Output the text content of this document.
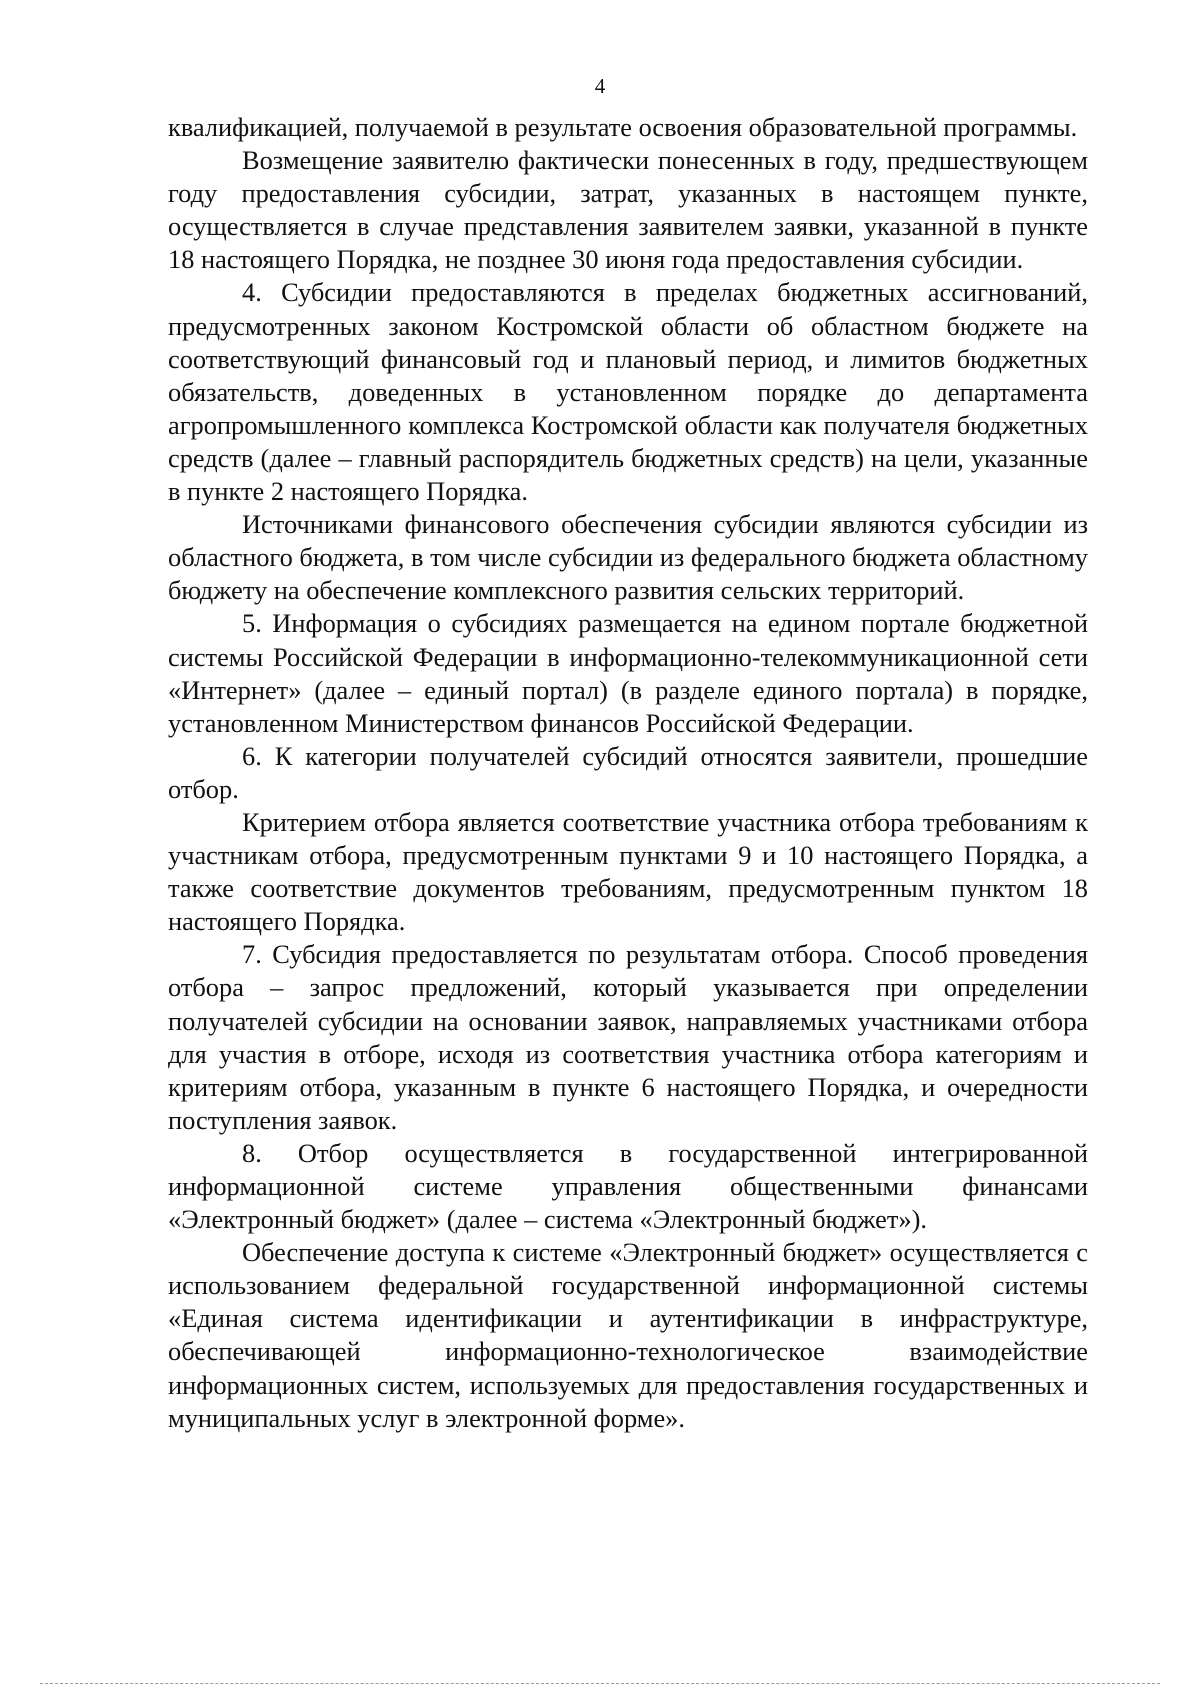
4

квалификацией, получаемой в результате освоения образовательной программы.

Возмещение заявителю фактически понесенных в году, предшествующем году предоставления субсидии, затрат, указанных в настоящем пункте, осуществляется в случае представления заявителем заявки, указанной в пункте 18 настоящего Порядка, не позднее 30 июня года предоставления субсидии.

4. Субсидии предоставляются в пределах бюджетных ассигнований, предусмотренных законом Костромской области об областном бюджете на соответствующий финансовый год и плановый период, и лимитов бюджетных обязательств, доведенных в установленном порядке до департамента агропромышленного комплекса Костромской области как получателя бюджетных средств (далее – главный распорядитель бюджетных средств) на цели, указанные в пункте 2 настоящего Порядка.

Источниками финансового обеспечения субсидии являются субсидии из областного бюджета, в том числе субсидии из федерального бюджета областному бюджету на обеспечение комплексного развития сельских территорий.

5. Информация о субсидиях размещается на едином портале бюджетной системы Российской Федерации в информационно-телекоммуникационной сети «Интернет» (далее – единый портал) (в разделе единого портала) в порядке, установленном Министерством финансов Российской Федерации.

6. К категории получателей субсидий относятся заявители, прошедшие отбор.

Критерием отбора является соответствие участника отбора требованиям к участникам отбора, предусмотренным пунктами 9 и 10 настоящего Порядка, а также соответствие документов требованиям, предусмотренным пунктом 18 настоящего Порядка.

7. Субсидия предоставляется по результатам отбора. Способ проведения отбора – запрос предложений, который указывается при определении получателей субсидии на основании заявок, направляемых участниками отбора для участия в отборе, исходя из соответствия участника отбора категориям и критериям отбора, указанным в пункте 6 настоящего Порядка, и очередности поступления заявок.

8. Отбор осуществляется в государственной интегрированной информационной системе управления общественными финансами «Электронный бюджет» (далее – система «Электронный бюджет»).

Обеспечение доступа к системе «Электронный бюджет» осуществляется с использованием федеральной государственной информационной системы «Единая система идентификации и аутентификации в инфраструктуре, обеспечивающей информационно-технологическое взаимодействие информационных систем, используемых для предоставления государственных и муниципальных услуг в электронной форме».
